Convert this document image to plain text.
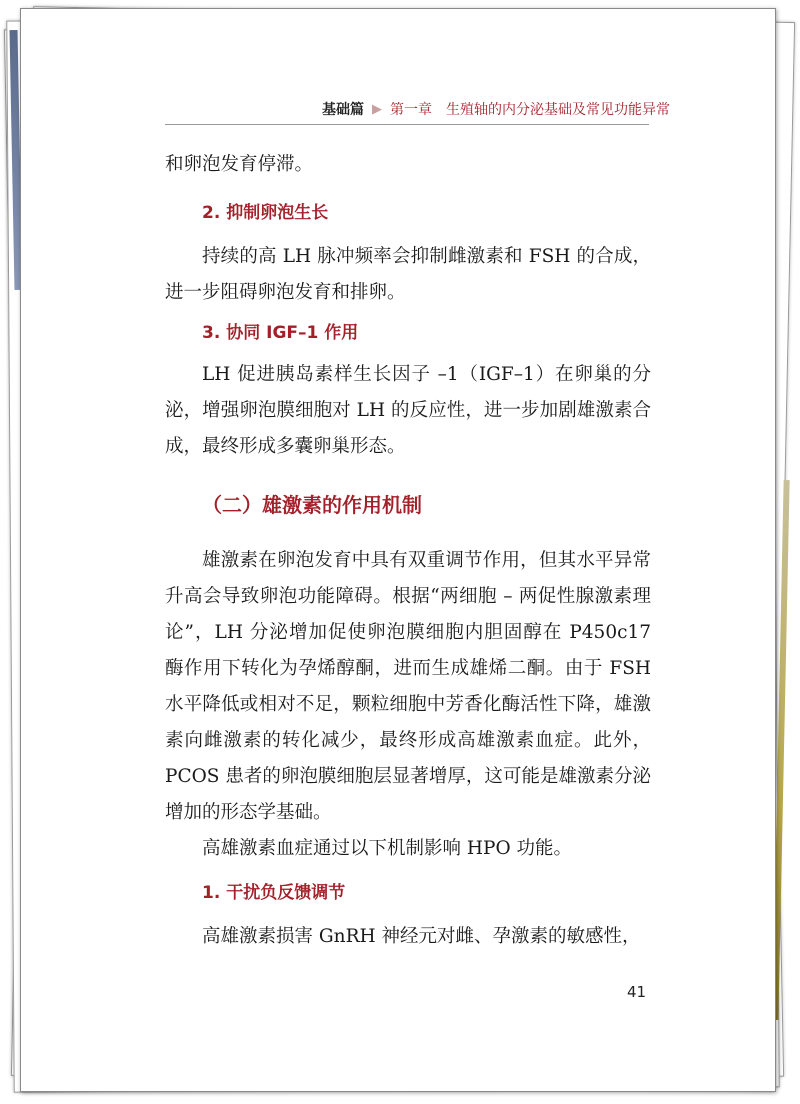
基础篇 ▶ 第一章　生殖轴的内分泌基础及常见功能异常

和卵泡发育停滞。

2. 抑制卵泡生长

持续的高 LH 脉冲频率会抑制雌激素和 FSH 的合成，进一步阻碍卵泡发育和排卵。

3. 协同 IGF–1 作用

LH 促进胰岛素样生长因子 –1（IGF–1）在卵巢的分泌，增强卵泡膜细胞对 LH 的反应性，进一步加剧雄激素合成，最终形成多囊卵巢形态。

（二）雄激素的作用机制

雄激素在卵泡发育中具有双重调节作用，但其水平异常升高会导致卵泡功能障碍。根据“两细胞 – 两促性腺激素理论”，LH 分泌增加促使卵泡膜细胞内胆固醇在 P450c17 酶作用下转化为孕烯醇酮，进而生成雄烯二酮。由于 FSH 水平降低或相对不足，颗粒细胞中芳香化酶活性下降，雄激素向雌激素的转化减少，最终形成高雄激素血症。此外，PCOS 患者的卵泡膜细胞层显著增厚，这可能是雄激素分泌增加的形态学基础。

高雄激素血症通过以下机制影响 HPO 功能。

1. 干扰负反馈调节

高雄激素损害 GnRH 神经元对雌、孕激素的敏感性，

41
